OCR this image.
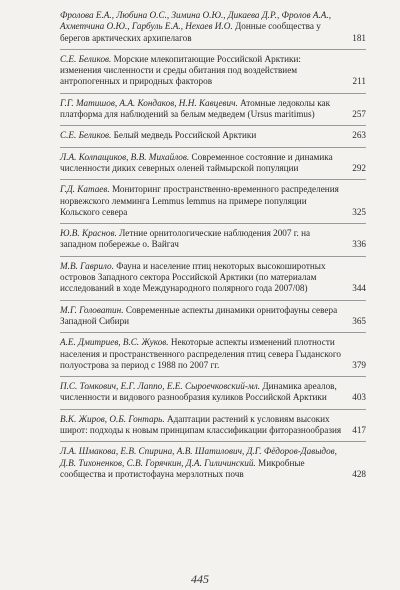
Фролова Е.А., Любина О.С., Зимина О.Ю., Дикаева Д.Р., Фролов А.А., Ахметчина О.Ю., Гарбуль Е.А., Нехаев И.О. Донные сообщества у берегов арктических архипелагов	181
С.Е. Беликов. Морские млекопитающие Российской Арктики: изменения численности и среды обитания под воздействием антропогенных и природных факторов	211
Г.Г. Матишов, А.А. Кондаков, Н.Н. Кавцевич. Атомные ледоколы как платформа для наблюдений за белым медведем (Ursus maritimus)	257
С.Е. Беликов. Белый медведь Российской Арктики	263
Л.А. Колпащиков, В.В. Михайлов. Современное состояние и динамика численности диких северных оленей таймырской популяции	292
Г.Д. Катаев. Мониторинг пространственно-временного распределения норвежского лемминга Lemmus lemmus на примере популяции Кольского севера	325
Ю.В. Краснов. Летние орнитологические наблюдения 2007 г. на западном побережье о. Вайгач	336
М.В. Гаврило. Фауна и население птиц некоторых высокоширотных островов Западного сектора Российской Арктики (по материалам исследований в ходе Международного полярного года 2007/08)	344
М.Г. Головатин. Современные аспекты динамики орнитофауны севера Западной Сибири	365
А.Е. Дмитриев, В.С. Жуков. Некоторые аспекты изменений плотности населения и пространственного распределения птиц севера Гыданского полуострова за период с 1988 по 2007 гг.	379
П.С. Томкович, Е.Г. Лаппо, Е.Е. Сыроечковский-мл. Динамика ареалов, численности и видового разнообразия куликов Российской Арктики	403
В.К. Жиров, О.Б. Гонтарь. Адаптации растений к условиям высоких широт: подходы к новым принципам классификации фиторазнообразия	417
Л.А. Шмакова, Е.В. Спирина, А.В. Шатилович, Д.Г. Фёдоров-Давыдов, Д.В. Тихоненков, С.В. Горячкин, Д.А. Гиличинский. Микробные сообщества и протистофауна мерзлотных почв	428
445
